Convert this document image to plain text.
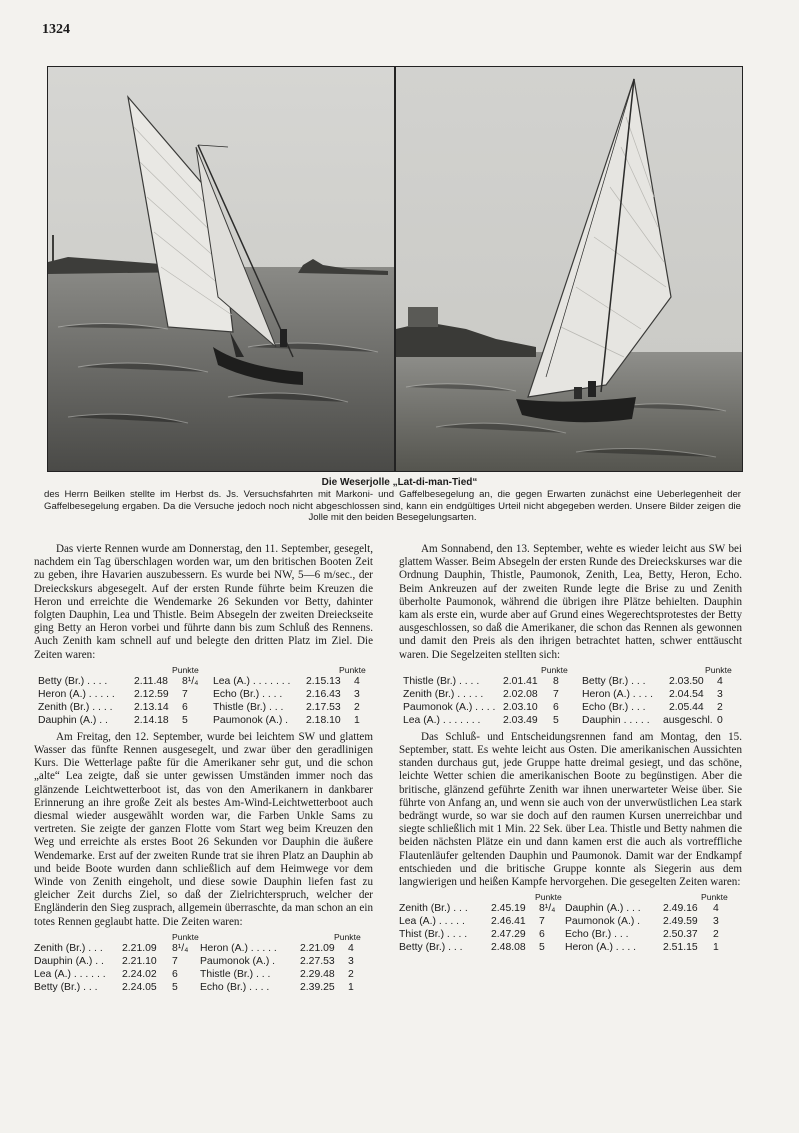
1324
Die Weserjolle „Lat-di-man-Tied“
des Herrn Beilken stellte im Herbst ds. Js. Versuchsfahrten mit Markoni- und Gaffelbesegelung an, die gegen Erwarten zunächst eine Ueberlegenheit der Gaffelbesegelung ergaben. Da die Versuche jedoch noch nicht abgeschlossen sind, kann ein endgültiges Urteil nicht abgegeben werden. Unsere Bilder zeigen die Jolle mit den beiden Besegelungsarten.

Das vierte Rennen wurde am Donnerstag, den 11. September, gesegelt, nachdem ein Tag überschlagen worden war, um den britischen Booten Zeit zu geben, ihre Havarien auszubessern. Es wurde bei NW, 5—6 m/sec., der Dreieckskurs abgesegelt. Auf der ersten Runde führte beim Kreuzen die Heron und erreichte die Wendemarke 26 Sekunden vor Betty, dahinter folgten Dauphin, Lea und Thistle. Beim Absegeln der zweiten Dreieckseite ging Betty an Heron vorbei und führte dann bis zum Schluß des Rennens. Auch Zenith kam schnell auf und belegte den dritten Platz im Ziel. Die Zeiten waren:

Punkte	Punkte
Betty (Br.) . . . .	2.11.48 8¹/₄ Lea (A.) . . . . . . . 2.15.13 4
Heron (A.) . . . . . 2.12.59 7 Echo (Br.) . . . . 2.16.43 3
Zenith (Br.) . . . . 2.13.14 6 Thistle (Br.) . . . 2.17.53 2
Dauphin (A.) . .	2.14.18 5 Paumonok (A.) . 2.18.10 1

Am Freitag, den 12. September, wurde bei leichtem SW und glattem Wasser das fünfte Rennen ausgesegelt, und zwar über den geradlinigen Kurs. Die Wetterlage paßte für die Amerikaner sehr gut, und die schon „alte“ Lea zeigte, daß sie unter gewissen Umständen immer noch das glänzende Leichtwetterboot ist, das von den Amerikanern in dankbarer Erinnerung an ihre große Zeit als bestes Am-Wind-Leichtwetterboot auch diesmal wieder ausgewählt worden war, die Farben Unkle Sams zu vertreten. Sie zeigte der ganzen Flotte vom Start weg beim Kreuzen den Weg und erreichte als erstes Boot 26 Sekunden vor Dauphin die äußere Wendemarke. Erst auf der zweiten Runde trat sie ihren Platz an Dauphin ab und beide Boote wurden dann schließlich auf dem Heimwege vor dem Winde von Zenith eingeholt, und diese sowie Dauphin liefen fast zu gleicher Zeit durchs Ziel, so daß der Zielrichterspruch, welcher der Engländerin den Sieg zusprach, allgemein überraschte, da man schon an ein totes Rennen geglaubt hatte. Die Zeiten waren:

Punkte	Punkte
Zenith (Br.) . . . 2.21.09 8¹/₄ Heron (A.) . . . . . 2.21.09 4
Dauphin (A.) . . 2.21.10 7 Paumonok (A.) . 2.27.53 3
Lea (A.) . . . . . . 2.24.02 6 Thistle (Br.) . . .	2.29.48 2
Betty (Br.) . . . 2.24.05 5 Echo (Br.) . . . .	2.39.25 1

Am Sonnabend, den 13. September, wehte es wieder leicht aus SW bei glattem Wasser. Beim Absegeln der ersten Runde des Dreieckskurses war die Ordnung Dauphin, Thistle, Paumonok, Zenith, Lea, Betty, Heron, Echo. Beim Ankreuzen auf der zweiten Runde legte die Brise zu und Zenith überholte Paumonok, während die übrigen ihre Plätze behielten. Dauphin kam als erste ein, wurde aber auf Grund eines Wegerechtsprotestes der Betty ausgeschlossen, so daß die Amerikaner, die schon das Rennen als gewonnen und damit den Preis als den ihrigen betrachtet hatten, schwer enttäuscht waren. Die Segelzeiten stellten sich:

Punkte	Punkte
Thistle (Br.) . . . . 2.01.41 8 Betty (Br.) . . . 2.03.50 4
Zenith (Br.) . . . . . 2.02.08 7 Heron (A.) . . . . 2.04.54 3
Paumonok (A.) . . . . 2.03.10 6 Echo (Br.) . . . 2.05.44 2
Lea (A.) . . . . . . . 2.03.49 5 Dauphin . . . . . ausgeschl. 0

Das Schluß- und Entscheidungsrennen fand am Montag, den 15. September, statt. Es wehte leicht aus Osten. Die amerikanischen Aussichten standen durchaus gut, jede Gruppe hatte dreimal gesiegt, und das schöne, leichte Wetter schien die amerikanischen Boote zu begünstigen. Aber die britische, glänzend geführte Zenith war ihnen unerwarteter Weise über. Sie führte von Anfang an, und wenn sie auch von der unverwüstlichen Lea stark bedrängt wurde, so war sie doch auf den raumen Kursen unerreichbar und siegte schließlich mit 1 Min. 22 Sek. über Lea. Thistle und Betty nahmen die beiden nächsten Plätze ein und dann kamen erst die auch als vortreffliche Flautenläufer geltenden Dauphin und Paumonok. Damit war der Endkampf entschieden und die britische Gruppe konnte als Siegerin aus dem langwierigen und heißen Kampfe hervorgehen. Die gesegelten Zeiten waren:

Punkte	Punkte
Zenith (Br.) . . . 2.45.19 8¹/₄ Dauphin (A.) . . . 2.49.16 4
Lea (A.) . . . . .	2.46.41 7 Paumonok (A.) . 2.49.59 3
Thist (Br.) . . . . 2.47.29 6 Echo (Br.) . . .	2.50.37 2
Betty (Br.) . . .	2.48.08 5 Heron (A.) . . . .	2.51.15 1
